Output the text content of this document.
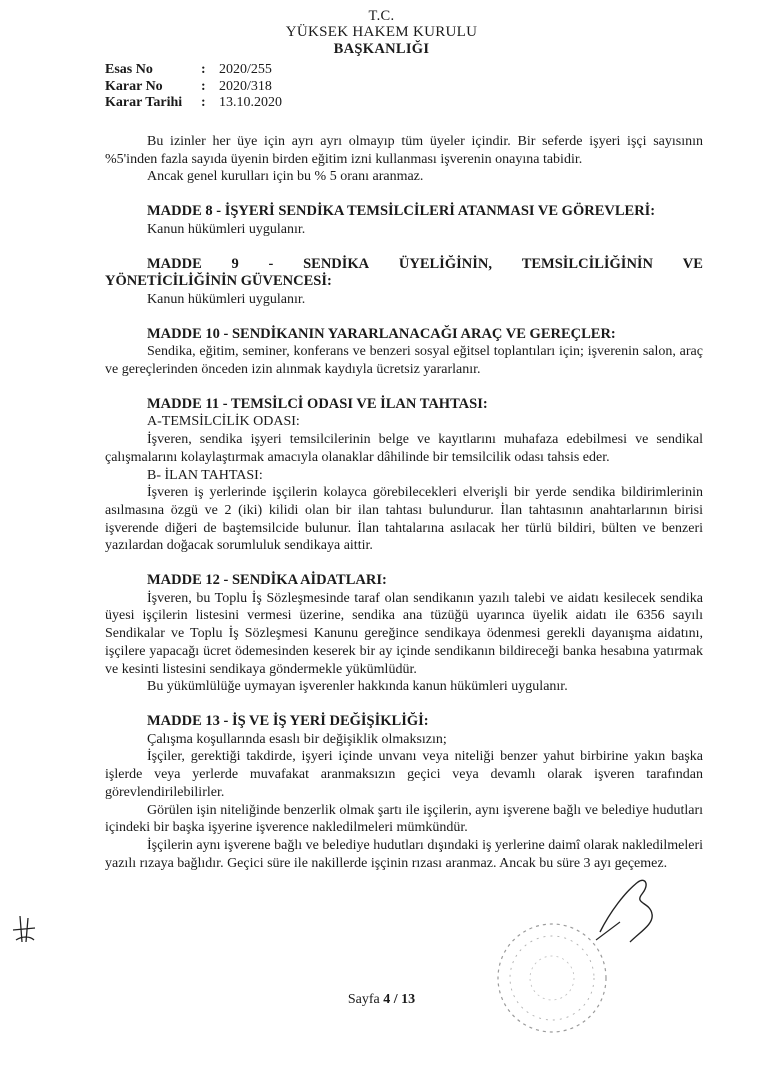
T.C.
YÜKSEK HAKEM KURULU
BAŞKANLIĞI
Esas No	: 2020/255
Karar No	: 2020/318
Karar Tarihi	: 13.10.2020

Bu izinler her üye için ayrı ayrı olmayıp tüm üyeler içindir. Bir seferde işyeri işçi sayısının %5'inden fazla sayıda üyenin birden eğitim izni kullanması işverenin onayına tabidir.

Ancak genel kurulları için bu % 5 oranı aranmaz.

MADDE 8 - İŞYERİ SENDİKA TEMSİLCİLERİ ATANMASI VE GÖREVLERİ:

Kanun hükümleri uygulanır.

MADDE 9 - SENDİKA ÜYELİĞİNİN, TEMSİLCİLİĞİNİN VE
YÖNETİCİLİĞİNİN GÜVENCESİ:

Kanun hükümleri uygulanır.

MADDE 10 - SENDİKANIN YARARLANACAĞI ARAÇ VE GEREÇLER:

Sendika, eğitim, seminer, konferans ve benzeri sosyal eğitsel toplantıları için; işverenin salon, araç ve gereçlerinden önceden izin alınmak kaydıyla ücretsiz yararlanır.

MADDE 11 - TEMSİLCİ ODASI VE İLAN TAHTASI:

A-TEMSİLCİLİK ODASI:

İşveren, sendika işyeri temsilcilerinin belge ve kayıtlarını muhafaza edebilmesi ve sendikal çalışmalarını kolaylaştırmak amacıyla olanaklar dâhilinde bir temsilcilik odası tahsis eder.

B- İLAN TAHTASI:

İşveren iş yerlerinde işçilerin kolayca görebilecekleri elverişli bir yerde sendika bildirimlerinin asılmasına özgü ve 2 (iki) kilidi olan bir ilan tahtası bulundurur. İlan tahtasının anahtarlarının birisi işverende diğeri de baştemsilcide bulunur. İlan tahtalarına asılacak her türlü bildiri, bülten ve benzeri yazılardan doğacak sorumluluk sendikaya aittir.

MADDE 12 - SENDİKA AİDATLARI:

İşveren, bu Toplu İş Sözleşmesinde taraf olan sendikanın yazılı talebi ve aidatı kesilecek sendika üyesi işçilerin listesini vermesi üzerine, sendika ana tüzüğü uyarınca üyelik aidatı ile 6356 sayılı Sendikalar ve Toplu İş Sözleşmesi Kanunu gereğince sendikaya ödenmesi gerekli dayanışma aidatını, işçilere yapacağı ücret ödemesinden keserek bir ay içinde sendikanın bildireceği banka hesabına yatırmak ve kesinti listesini sendikaya göndermekle yükümlüdür.

Bu yükümlülüğe uymayan işverenler hakkında kanun hükümleri uygulanır.

MADDE 13 - İŞ VE İŞ YERİ DEĞİŞİKLİĞİ:

Çalışma koşullarında esaslı bir değişiklik olmaksızın;

İşçiler, gerektiği takdirde, işyeri içinde unvanı veya niteliği benzer yahut birbirine yakın başka işlerde veya yerlerde muvafakat aranmaksızın geçici veya devamlı olarak işveren tarafından görevlendirilebilirler.

Görülen işin niteliğinde benzerlik olmak şartı ile işçilerin, aynı işverene bağlı ve belediye hudutları içindeki bir başka işyerine işverence nakledilmeleri mümkündür.

İşçilerin aynı işverene bağlı ve belediye hudutları dışındaki iş yerlerine daimî olarak nakledilmeleri yazılı rızaya bağlıdır. Geçici süre ile nakillerde işçinin rızası aranmaz. Ancak bu süre 3 ayı geçemez.

Sayfa 4 / 13
